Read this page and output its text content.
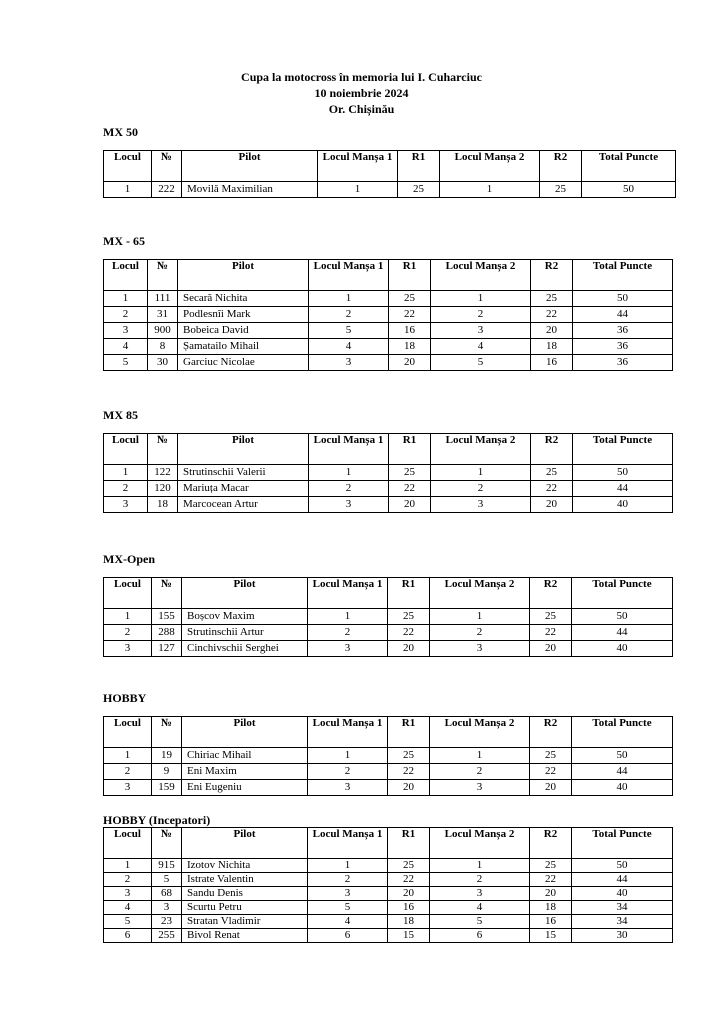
Cupa la motocross în memoria lui I. Cuharciuc
10 noiembrie 2024
Or. Chișinău
MX 50
Locul	№	Pilot	Locul Manșa 1	R1	Locul Manșa 2	R2	Total Puncte
1	222	Movilă Maximilian	1	25	1	25	50
MX - 65
Locul	№	Pilot	Locul Manșa 1	R1	Locul Manșa 2	R2	Total Puncte
1	111	Secară Nichita	1	25	1	25	50
2	31	Podlesnîi Mark	2	22	2	22	44
3	900	Bobeica David	5	16	3	20	36
4	8	Șamatailo Mihail	4	18	4	18	36
5	30	Garciuc Nicolae	3	20	5	16	36
MX 85
Locul	№	Pilot	Locul Manșa 1	R1	Locul Manșa 2	R2	Total Puncte
1	122	Strutinschii Valerii	1	25	1	25	50
2	120	Mariuța Macar	2	22	2	22	44
3	18	Marcocean Artur	3	20	3	20	40
MX-Open
Locul	№	Pilot	Locul Manșa 1	R1	Locul Manșa 2	R2	Total Puncte
1	155	Boșcov Maxim	1	25	1	25	50
2	288	Strutinschii Artur	2	22	2	22	44
3	127	Cinchivschii Serghei	3	20	3	20	40
HOBBY
Locul	№	Pilot	Locul Manșa 1	R1	Locul Manșa 2	R2	Total Puncte
1	19	Chiriac Mihail	1	25	1	25	50
2	9	Eni Maxim	2	22	2	22	44
3	159	Eni Eugeniu	3	20	3	20	40
HOBBY (Incepatori)
Locul	№	Pilot	Locul Manșa 1	R1	Locul Manșa 2	R2	Total Puncte
1	915	Izotov Nichita	1	25	1	25	50
2	5	Istrate Valentin	2	22	2	22	44
3	68	Sandu Denis	3	20	3	20	40
4	3	Scurtu Petru	5	16	4	18	34
5	23	Stratan Vladimir	4	18	5	16	34
6	255	Bivol Renat	6	15	6	15	30
